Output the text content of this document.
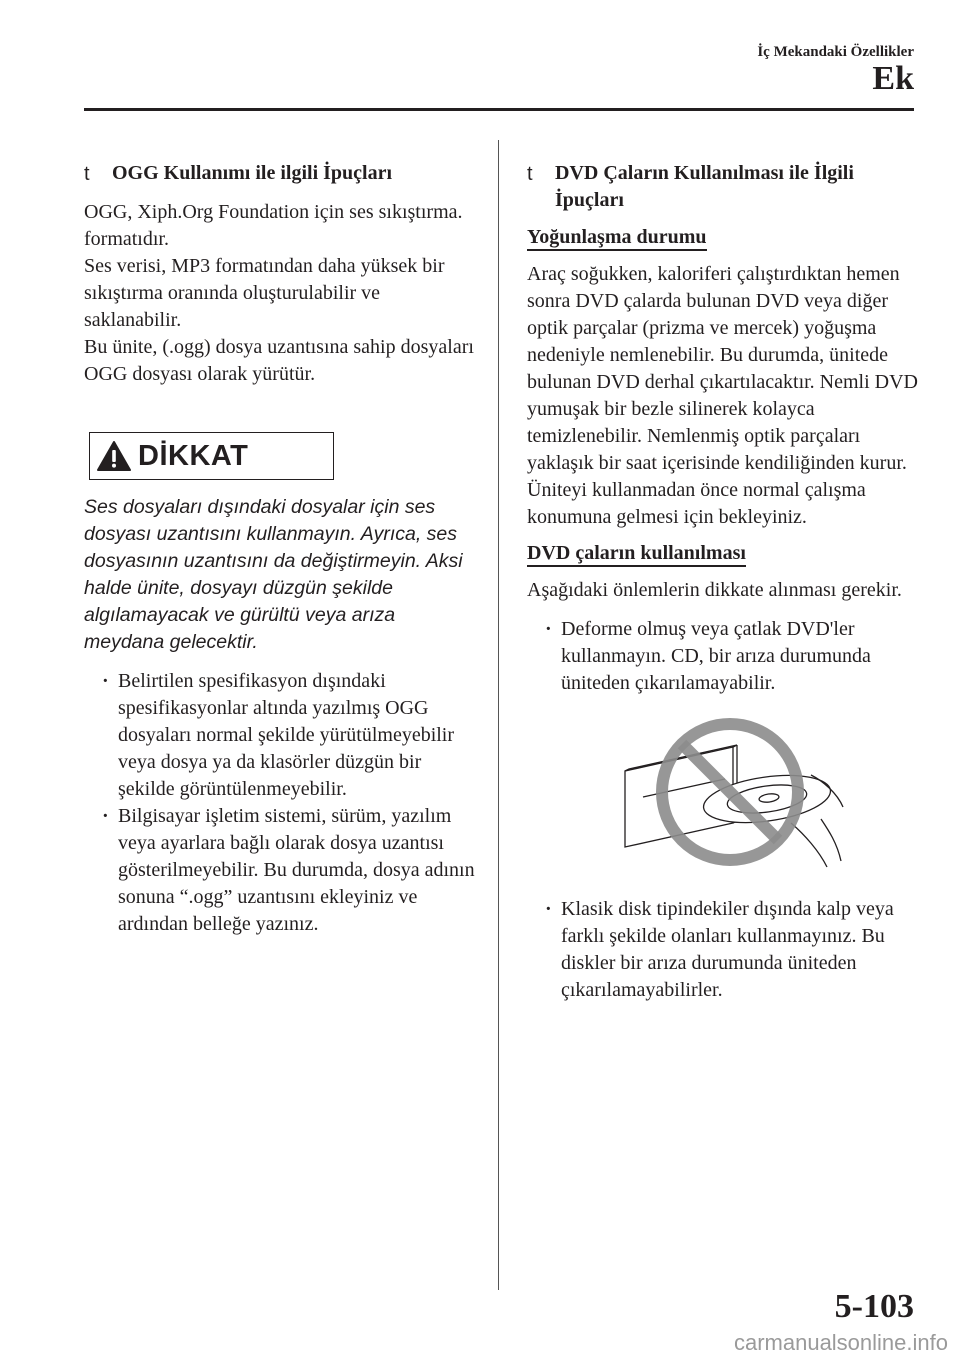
İç Mekandaki Özellikler
Ek
t	OGG Kullanımı ile ilgili İpuçları

OGG, Xiph.Org Foundation için ses sıkıştırma. formatıdır.

Ses verisi, MP3 formatından daha yüksek bir sıkıştırma oranında oluşturulabilir ve saklanabilir.

Bu ünite, (.ogg) dosya uzantısına sahip dosyaları OGG dosyası olarak yürütür.

DİKKAT

Ses dosyaları dışındaki dosyalar için ses dosyası uzantısını kullanmayın. Ayrıca, ses dosyasının uzantısını da değiştirmeyin. Aksi halde ünite, dosyayı düzgün şekilde algılamayacak ve gürültü veya arıza meydana gelecektir.

· Belirtilen spesifikasyon dışındaki spesifikasyonlar altında yazılmış OGG dosyaları normal şekilde yürütülmeyebilir veya dosya ya da klasörler düzgün bir şekilde görüntülenmeyebilir.
· Bilgisayar işletim sistemi, sürüm, yazılım veya ayarlara bağlı olarak dosya uzantısı gösterilmeyebilir. Bu durumda, dosya adının sonuna “.ogg” uzantısını ekleyiniz ve ardından belleğe yazınız.
t	DVD Çaların Kullanılması ile İlgili İpuçları
Yoğunlaşma durumu

Araç soğukken, kaloriferi çalıştırdıktan hemen sonra DVD çalarda bulunan DVD veya diğer optik parçalar (prizma ve mercek) yoğuşma nedeniyle nemlenebilir. Bu durumda, ünitede bulunan DVD derhal çıkartılacaktır. Nemli DVD yumuşak bir bezle silinerek kolayca temizlenebilir. Nemlenmiş optik parçaları yaklaşık bir saat içerisinde kendiliğinden kurur. Üniteyi kullanmadan önce normal çalışma konumuna gelmesi için bekleyiniz.

DVD çaların kullanılması

Aşağıdaki önlemlerin dikkate alınması gerekir.

· Deforme olmuş veya çatlak DVD'ler kullanmayın. CD, bir arıza durumunda üniteden çıkarılamayabilir.
· Klasik disk tipindekiler dışında kalp veya farklı şekilde olanları kullanmayınız. Bu diskler bir arıza durumunda üniteden çıkarılamayabilirler.
5-103
carmanualsonline.info
